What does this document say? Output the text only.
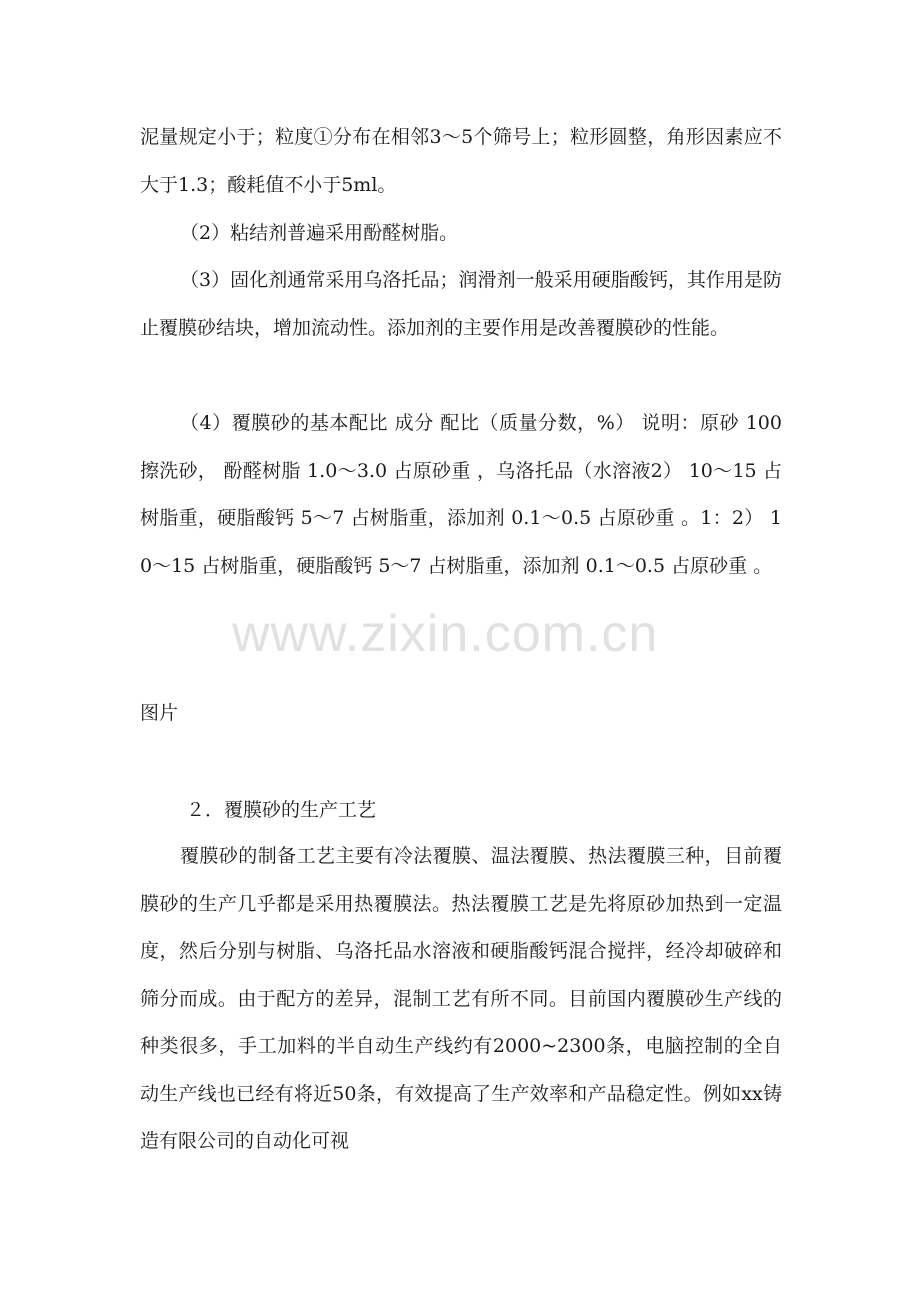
泥量规定小于；粒度①分布在相邻3～5个筛号上；粒形圆整，角形因素应不大于1.3；酸耗值不小于5ml。

（2）粘结剂普遍采用酚醛树脂。

（3）固化剂通常采用乌洛托品；润滑剂一般采用硬脂酸钙，其作用是防止覆膜砂结块，增加流动性。添加剂的主要作用是改善覆膜砂的性能。

（4）覆膜砂的基本配比 成分 配比（质量分数，%） 说明：原砂 100 擦洗砂， 酚醛树脂 1.0～3.0 占原砂重 ，乌洛托品（水溶液2） 10～15 占树脂重，硬脂酸钙 5～7 占树脂重，添加剂 0.1～0.5 占原砂重 。1：2） 10～15 占树脂重，硬脂酸钙 5～7 占树脂重，添加剂 0.1～0.5 占原砂重 。

www.zixin.com.cn

图片

２．覆膜砂的生产工艺

覆膜砂的制备工艺主要有冷法覆膜、温法覆膜、热法覆膜三种，目前覆膜砂的生产几乎都是采用热覆膜法。热法覆膜工艺是先将原砂加热到一定温度，然后分别与树脂、乌洛托品水溶液和硬脂酸钙混合搅拌，经冷却破碎和筛分而成。由于配方的差异，混制工艺有所不同。目前国内覆膜砂生产线的种类很多，手工加料的半自动生产线约有2000~2300条，电脑控制的全自动生产线也已经有将近50条，有效提高了生产效率和产品稳定性。例如xx铸造有限公司的自动化可视
